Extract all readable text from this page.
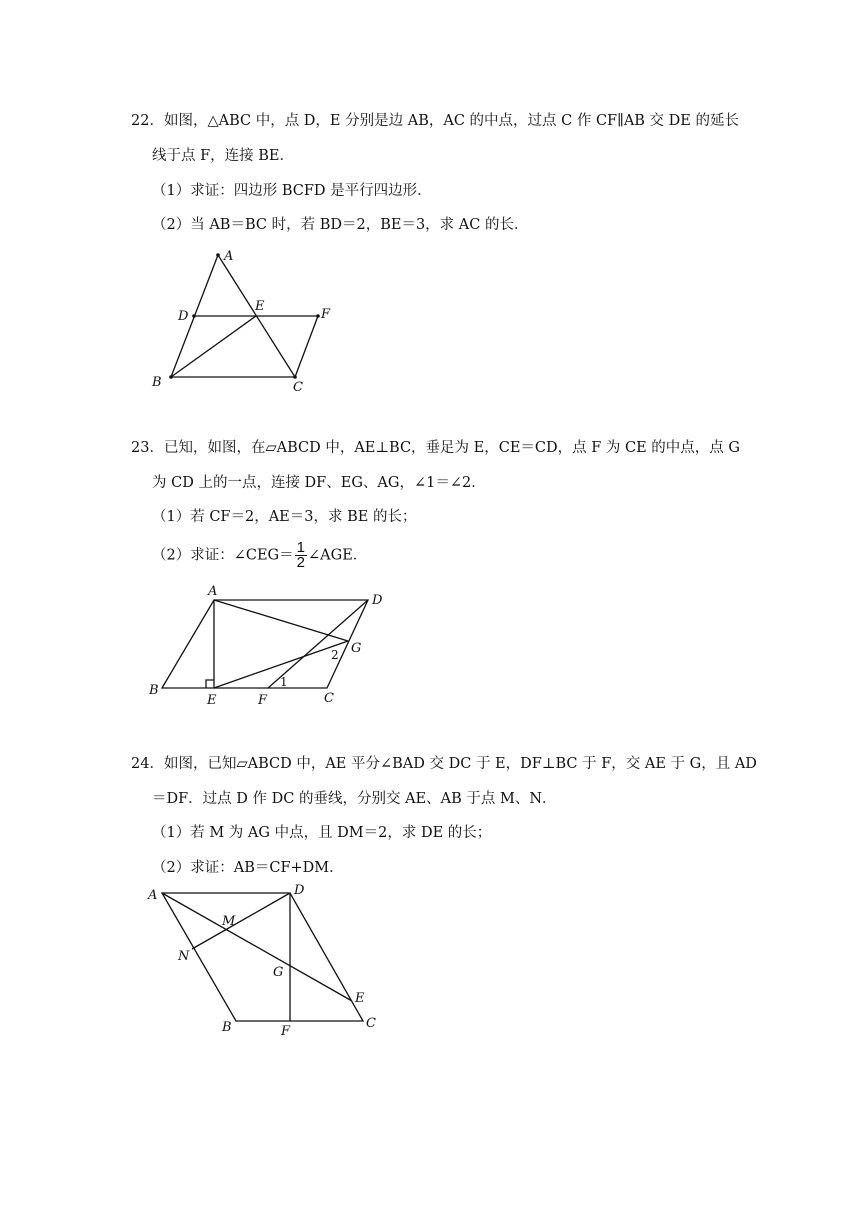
22．如图，△ABC 中，点 D，E 分别是边 AB，AC 的中点，过点 C 作 CF∥AB 交 DE 的延长
线于点 F，连接 BE．
（1）求证：四边形 BCFD 是平行四边形．
（2）当 AB＝BC 时，若 BD＝2，BE＝3，求 AC 的长．
A
D
E
F
B	C
23．已知，如图，在▱ABCD 中，AE⊥BC，垂足为 E，CE＝CD，点 F 为 CE 的中点，点 G
为 CD 上的一点，连接 DF、EG、AG，∠1＝∠2．
（1）若 CF＝2，AE＝3，求 BE 的长；
（2）求证：∠CEG＝ $\frac{1}{2}$ ∠AGE．
A
D
G
B
E	F	C
1
2
24．如图，已知▱ABCD 中，AE 平分∠BAD 交 DC 于 E，DF⊥BC 于 F，交 AE 于 G，且 AD
＝DF．过点 D 作 DC 的垂线，分别交 AE、AB 于点 M、N．
（1）若 M 为 AG 中点，且 DM＝2，求 DE 的长；
（2）求证：AB＝CF+DM．
A	D
M
N
G
E
B	F
C
